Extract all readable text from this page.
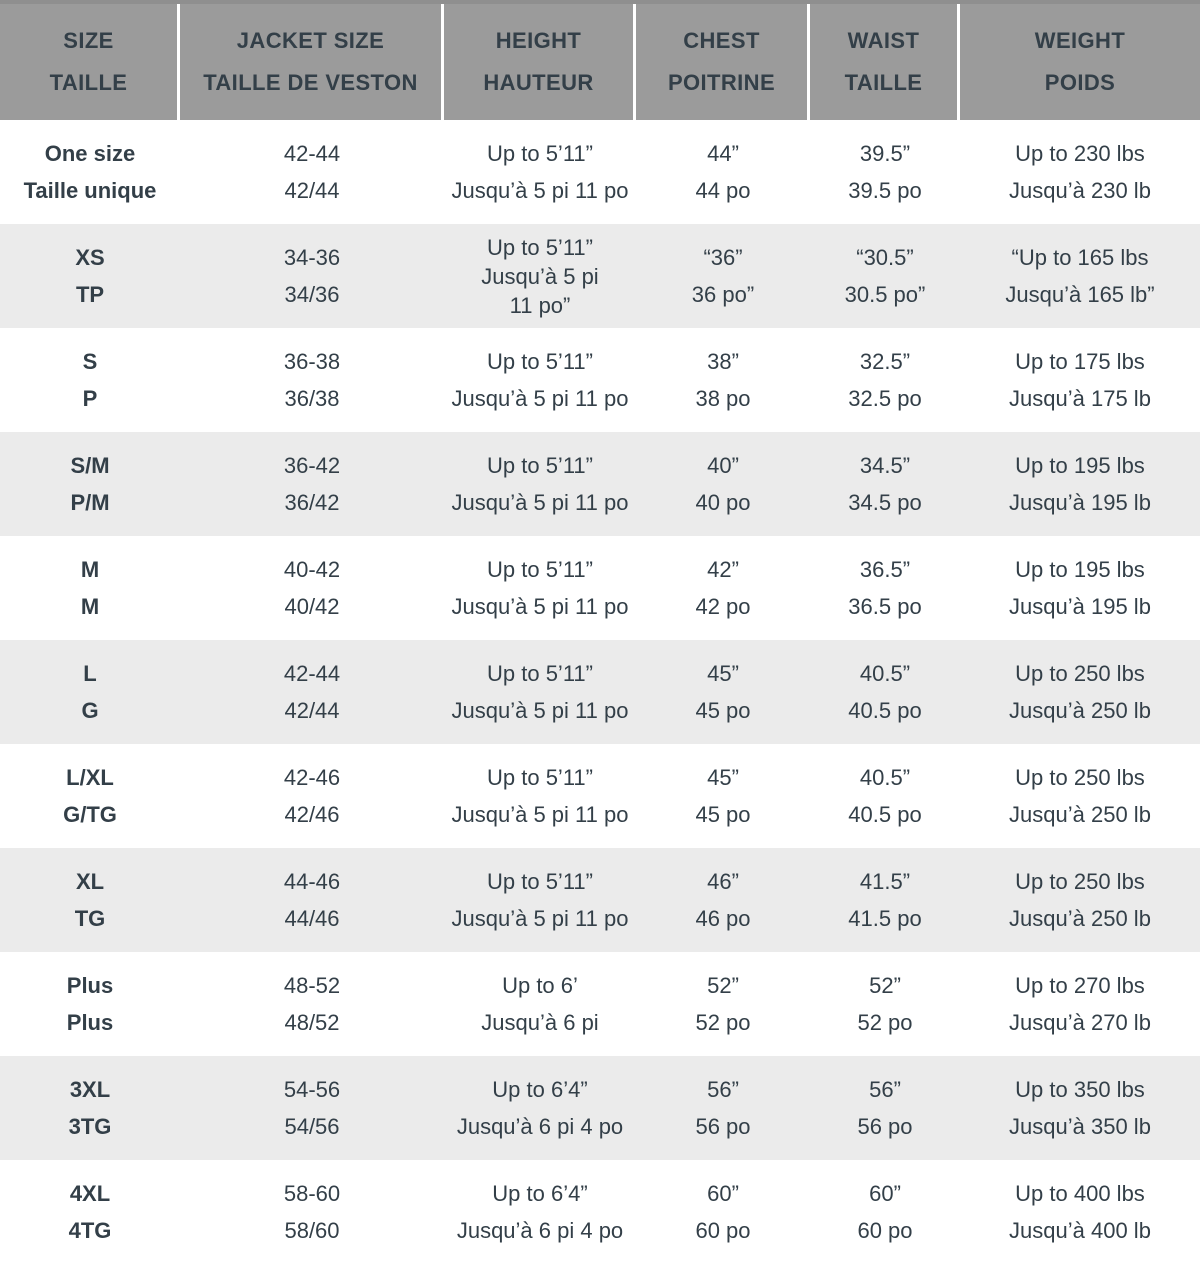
SIZE
TAILLE
JACKET SIZE
TAILLE DE VESTON
HEIGHT
HAUTEUR
CHEST
POITRINE
WAIST
TAILLE
WEIGHT
POIDS
One size
Taille unique
42-44
42/44
Up to 5’11”
Jusqu’à 5 pi 11 po
44”
44 po
39.5”
39.5 po
Up to 230 lbs
Jusqu’à 230 lb
XS
TP
34-36
34/36
Up to 5’11”
Jusqu’à 5 pi
11 po”
“36”
36 po”
“30.5”
30.5 po”
“Up to 165 lbs
Jusqu’à 165 lb”
S
P
36-38
36/38
Up to 5’11”
Jusqu’à 5 pi 11 po
38”
38 po
32.5”
32.5 po
Up to 175 lbs
Jusqu’à 175 lb
S/M
P/M
36-42
36/42
Up to 5’11”
Jusqu’à 5 pi 11 po
40”
40 po
34.5”
34.5 po
Up to 195 lbs
Jusqu’à 195 lb
M
M
40-42
40/42
Up to 5’11”
Jusqu’à 5 pi 11 po
42”
42 po
36.5”
36.5 po
Up to 195 lbs
Jusqu’à 195 lb
L
G
42-44
42/44
Up to 5’11”
Jusqu’à 5 pi 11 po
45”
45 po
40.5”
40.5 po
Up to 250 lbs
Jusqu’à 250 lb
L/XL
G/TG
42-46
42/46
Up to 5’11”
Jusqu’à 5 pi 11 po
45”
45 po
40.5”
40.5 po
Up to 250 lbs
Jusqu’à 250 lb
XL
TG
44-46
44/46
Up to 5’11”
Jusqu’à 5 pi 11 po
46”
46 po
41.5”
41.5 po
Up to 250 lbs
Jusqu’à 250 lb
Plus
Plus
48-52
48/52
Up to 6’
Jusqu’à 6 pi
52”
52 po
52”
52 po
Up to 270 lbs
Jusqu’à 270 lb
3XL
3TG
54-56
54/56
Up to 6’4”
Jusqu’à 6 pi 4 po
56”
56 po
56”
56 po
Up to 350 lbs
Jusqu’à 350 lb
4XL
4TG
58-60
58/60
Up to 6’4”
Jusqu’à 6 pi 4 po
60”
60 po
60”
60 po
Up to 400 lbs
Jusqu’à 400 lb
